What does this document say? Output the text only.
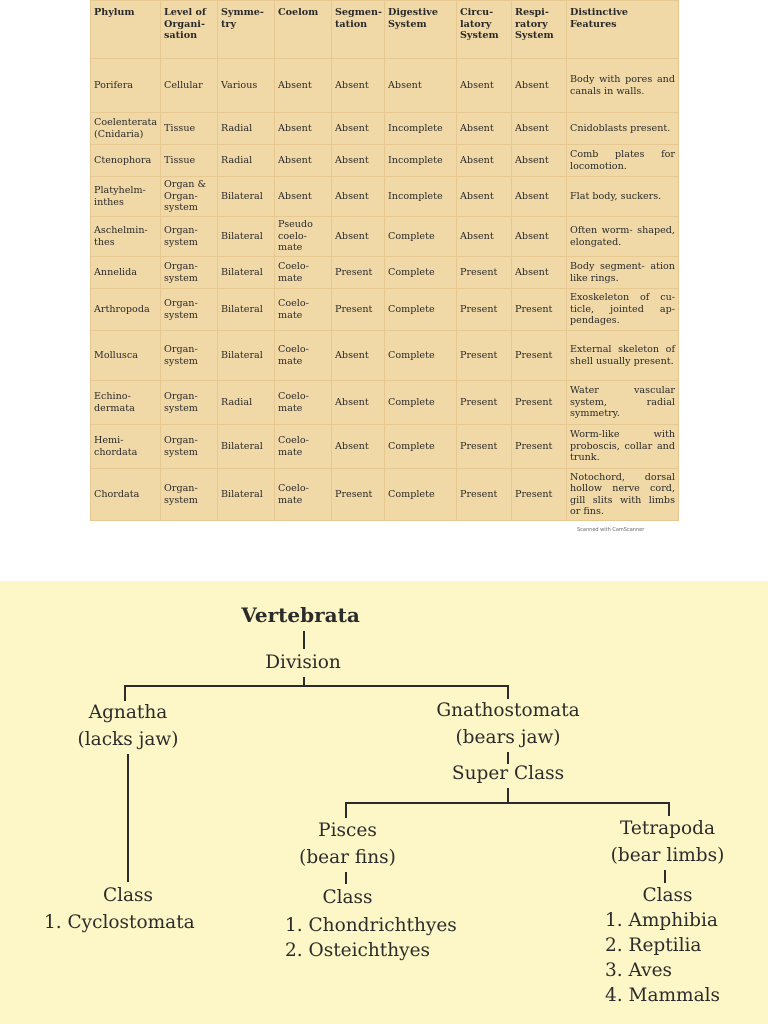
Phylum	Level of Organi- sation	Symme- try	Coelom	Segmen- tation	Digestive System	Circu- latory System	Respi- ratory System	Distinctive Features
Porifera	Cellular	Various	Absent	Absent	Absent	Absent	Absent	Body with pores and canals in walls.
Coelenterata (Cnidaria)	Tissue	Radial	Absent	Absent	Incomplete	Absent	Absent	Cnidoblasts present.
Ctenophora	Tissue	Radial	Absent	Absent	Incomplete	Absent	Absent	Comb plates for locomotion.
Platyhelm- inthes	Organ & Organ- system	Bilateral	Absent	Absent	Incomplete	Absent	Absent	Flat body, suckers.
Aschelmin- thes	Organ- system	Bilateral	Pseudo coelo- mate	Absent	Complete	Absent	Absent	Often worm- shaped, elongated.
Annelida	Organ- system	Bilateral	Coelo- mate	Present	Complete	Present	Absent	Body segment- ation like rings.
Arthropoda	Organ- system	Bilateral	Coelo- mate	Present	Complete	Present	Present	Exoskeleton of cu- ticle, jointed ap- pendages.
Mollusca	Organ- system	Bilateral	Coelo- mate	Absent	Complete	Present	Present	External skeleton of shell usually present.
Echino- dermata	Organ- system	Radial	Coelo- mate	Absent	Complete	Present	Present	Water vascular system, radial symmetry.
Hemi- chordata	Organ- system	Bilateral	Coelo- mate	Absent	Complete	Present	Present	Worm-like with proboscis, collar and trunk.
Chordata	Organ- system	Bilateral	Coelo- mate	Present	Complete	Present	Present	Notochord, dorsal hollow nerve cord, gill slits with limbs or fins.
Scanned with CamScanner
Vertebrata
Division
Agnatha
(lacks jaw)
Gnathostomata
(bears jaw)
Super Class
Pisces
(bear fins)
Tetrapoda
(bear limbs)
Class
1. Cyclostomata
Class
1. Chondrichthyes
2. Osteichthyes
Class
1. Amphibia
2. Reptilia
3. Aves
4. Mammals
